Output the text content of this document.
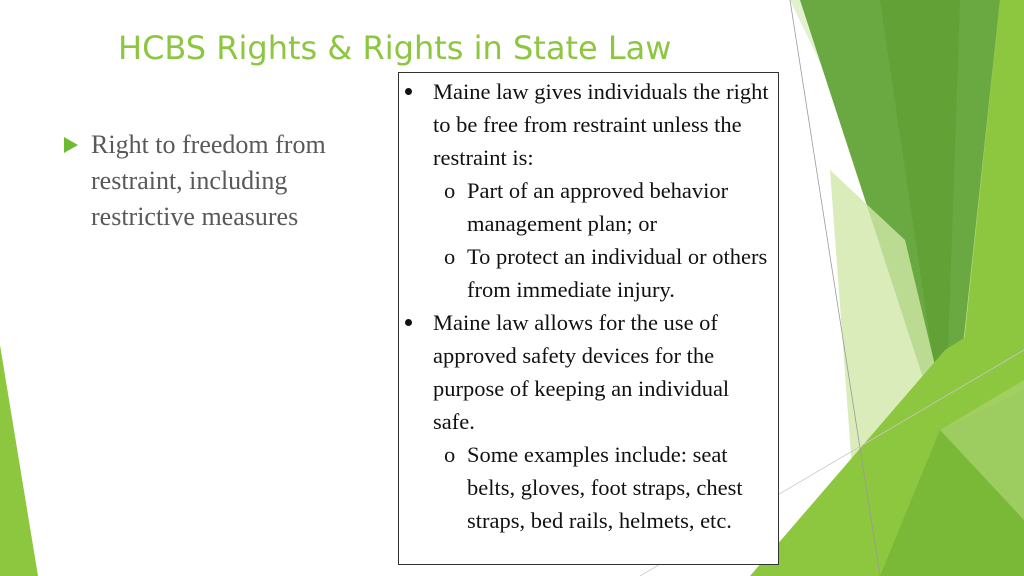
HCBS Rights & Rights in State Law
Right to freedom from restraint, including restrictive measures
Maine law gives individuals the right to be free from restraint unless the restraint is:
o Part of an approved behavior management plan; or
o To protect an individual or others from immediate injury.
Maine law allows for the use of approved safety devices for the purpose of keeping an individual safe.
o Some examples include: seat belts, gloves, foot straps, chest straps, bed rails, helmets, etc.
